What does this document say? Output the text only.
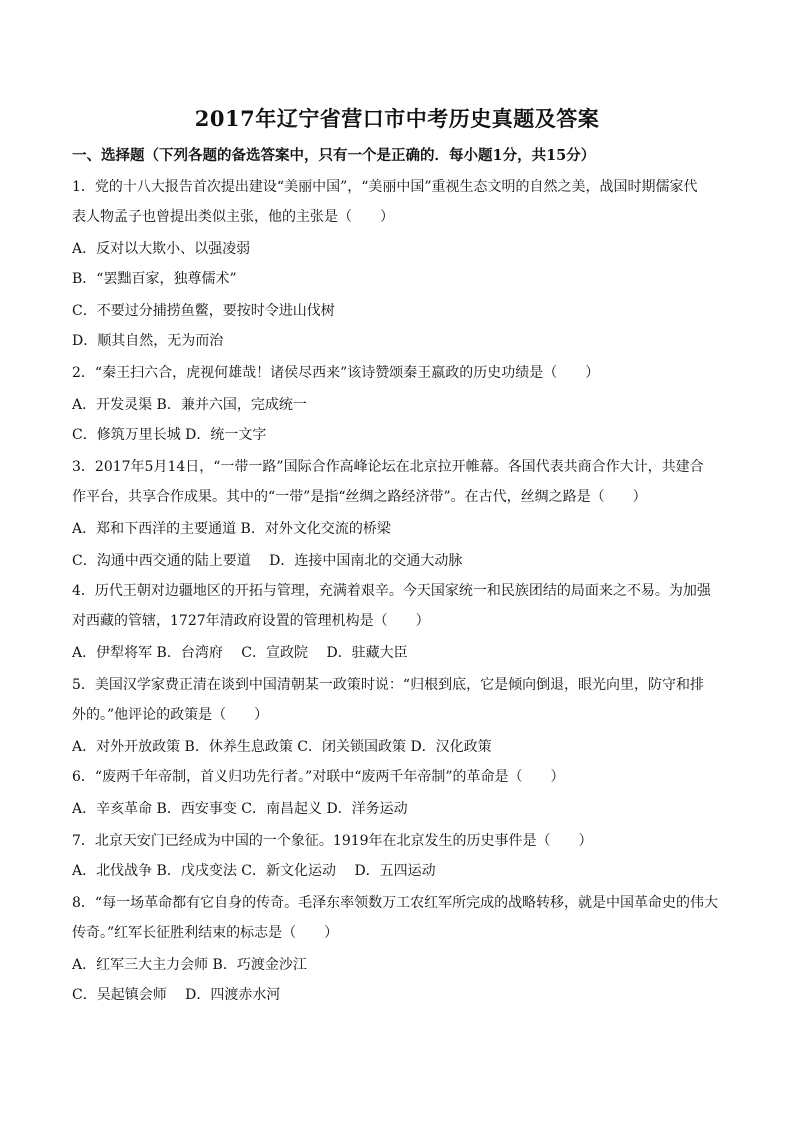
2017年辽宁省营口市中考历史真题及答案
一、选择题（下列各题的备选答案中，只有一个是正确的．每小题1分，共15分）
1．党的十八大报告首次提出建设“美丽中国”，“美丽中国”重视生态文明的自然之美，战国时期儒家代
表人物孟子也曾提出类似主张，他的主张是（　　）
A．反对以大欺小、以强凌弱
B．“罢黜百家，独尊儒术”
C．不要过分捕捞鱼鳖，要按时令进山伐树
D．顺其自然，无为而治
2．“秦王扫六合，虎视何雄哉！诸侯尽西来”该诗赞颂秦王嬴政的历史功绩是（　　）
A．开发灵渠 B．兼并六国，完成统一
C．修筑万里长城 D．统一文字
3．2017年5月14日，“一带一路”国际合作高峰论坛在北京拉开帷幕。各国代表共商合作大计，共建合
作平台，共享合作成果。其中的“一带”是指“丝绸之路经济带”。在古代，丝绸之路是（　　）
A．郑和下西洋的主要通道 B．对外文化交流的桥梁
C．沟通中西交通的陆上要道　 D．连接中国南北的交通大动脉
4．历代王朝对边疆地区的开拓与管理，充满着艰辛。今天国家统一和民族团结的局面来之不易。为加强
对西藏的管辖，1727年清政府设置的管理机构是（　　）
A．伊犁将军 B．台湾府　 C．宣政院　 D．驻藏大臣
5．美国汉学家费正清在谈到中国清朝某一政策时说：“归根到底，它是倾向倒退，眼光向里，防守和排
外的。”他评论的政策是（　　）
A．对外开放政策 B．休养生息政策 C．闭关锁国政策 D．汉化政策
6．“废两千年帝制，首义归功先行者。”对联中“废两千年帝制”的革命是（　　）
A．辛亥革命 B．西安事变 C．南昌起义 D．洋务运动
7．北京天安门已经成为中国的一个象征。1919年在北京发生的历史事件是（　　）
A．北伐战争 B．戊戌变法 C．新文化运动　 D．五四运动
8．“每一场革命都有它自身的传奇。毛泽东率领数万工农红军所完成的战略转移，就是中国革命史的伟大
传奇。”红军长征胜利结束的标志是（　　）
A．红军三大主力会师 B．巧渡金沙江
C．吴起镇会师　 D．四渡赤水河
